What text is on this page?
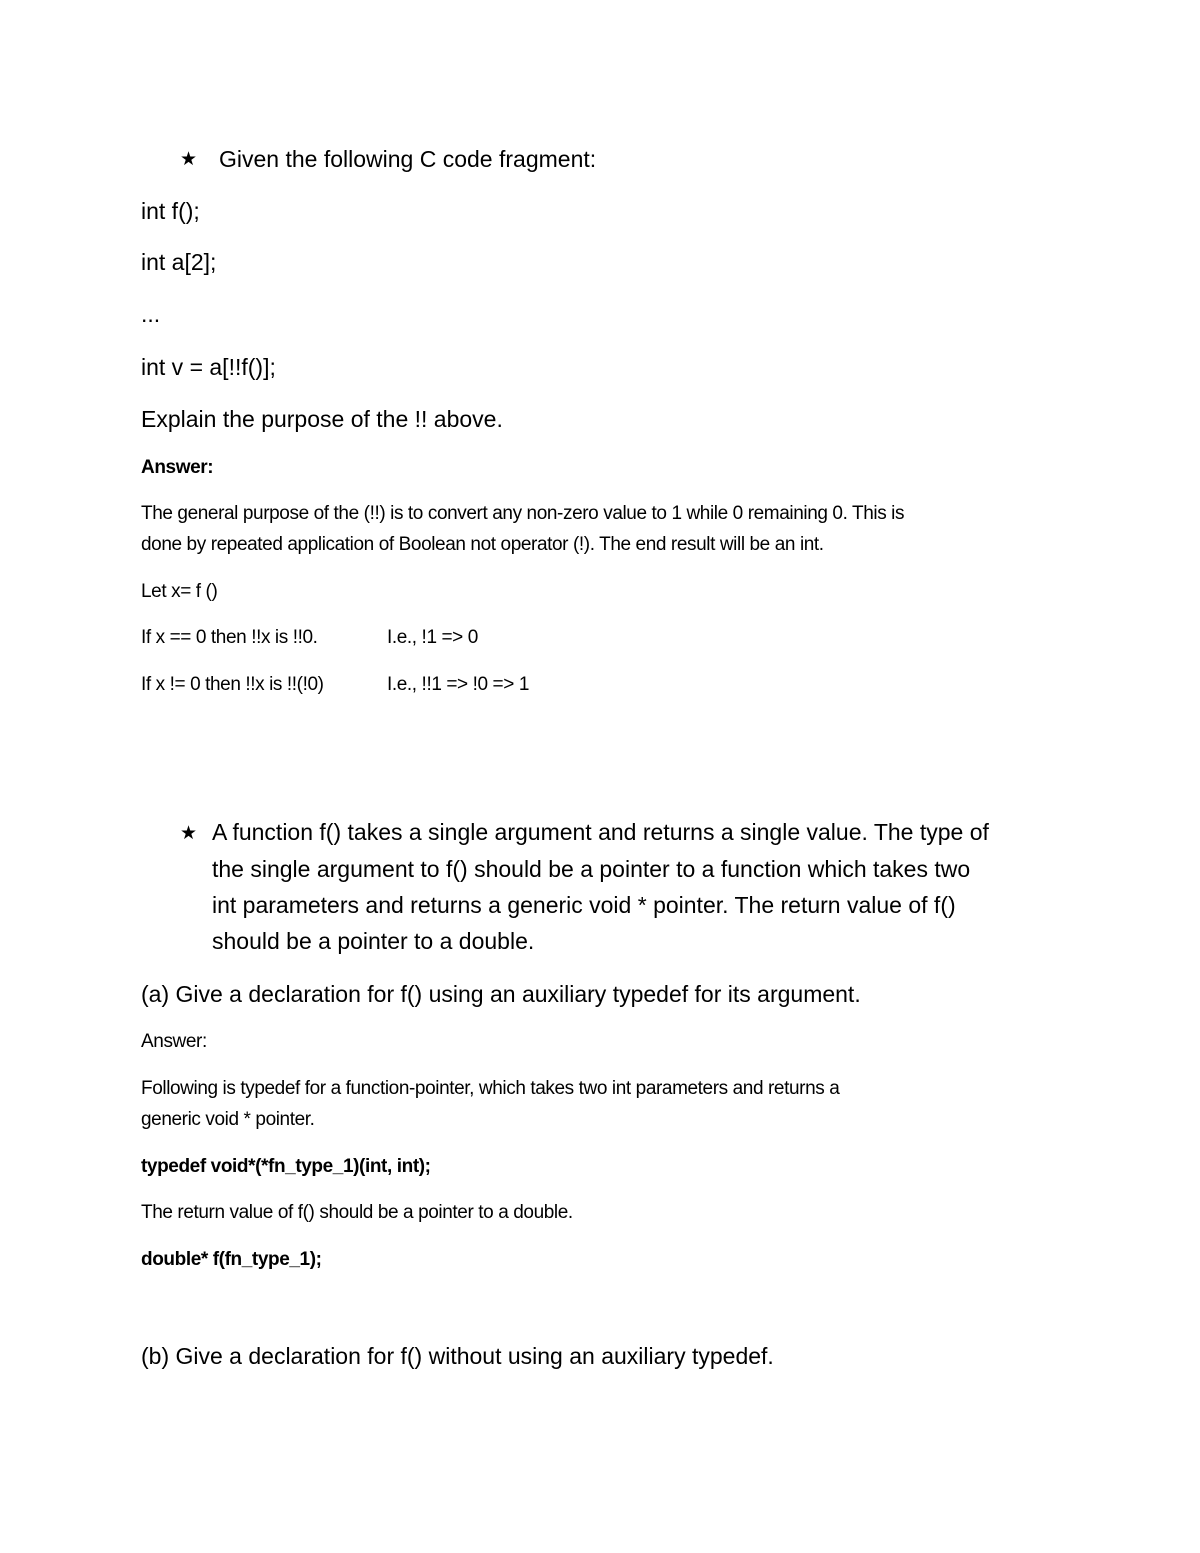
★ Given the following C code fragment:

int f();

int a[2];

...

int v = a[!!f()];

Explain the purpose of the !! above.

Answer:

The general purpose of the (!!) is to convert any non-zero value to 1 while 0 remaining 0. This is

done by repeated application of Boolean not operator (!). The end result will be an int.

Let x= f ()

If x == 0 then !!x is !!0.	I.e., !1 => 0

If x != 0 then !!x is !!(!0)	I.e., !!1 => !0 => 1

★ A function f() takes a single argument and returns a single value. The type of

the single argument to f() should be a pointer to a function which takes two

int parameters and returns a generic void * pointer. The return value of f()

should be a pointer to a double.

(a) Give a declaration for f() using an auxiliary typedef for its argument.

Answer:

Following is typedef for a function-pointer, which takes two int parameters and returns a

generic void * pointer.

typedef void*(*fn_type_1)(int, int);

The return value of f() should be a pointer to a double.

double* f(fn_type_1);

(b) Give a declaration for f() without using an auxiliary typedef.
